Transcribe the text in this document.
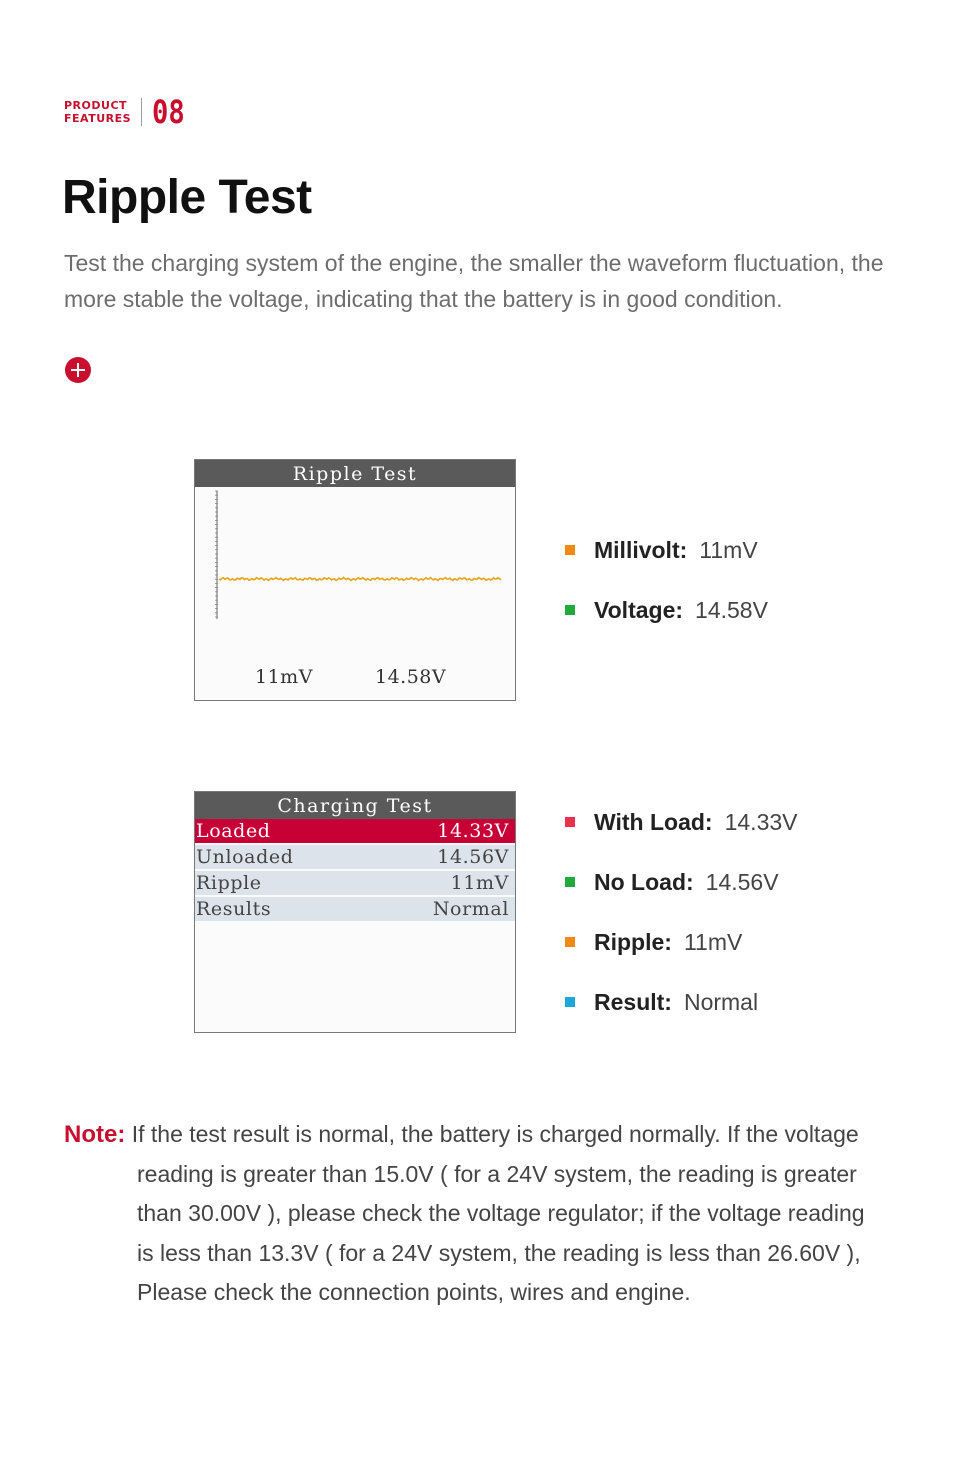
PRODUCT
FEATURES 08
Ripple Test

Test the charging system of the engine, the smaller the waveform fluctuation, the more stable the voltage, indicating that the battery is in good condition.

Ripple Test
11mV	14.58V
Millivolt: 11mV
Voltage: 14.58V
Charging Test
Loaded	14.33V
Unloaded	14.56V
Ripple	11mV
Results	Normal
With Load: 14.33V
No Load: 14.56V
Ripple: 11mV
Result: Normal
Note: If the test result is normal, the battery is charged normally. If the voltage
reading is greater than 15.0V ( for a 24V system, the reading is greater than 30.00V ), please check the voltage regulator; if the voltage reading is less than 13.3V ( for a 24V system, the reading is less than 26.60V ), Please check the connection points, wires and engine.
